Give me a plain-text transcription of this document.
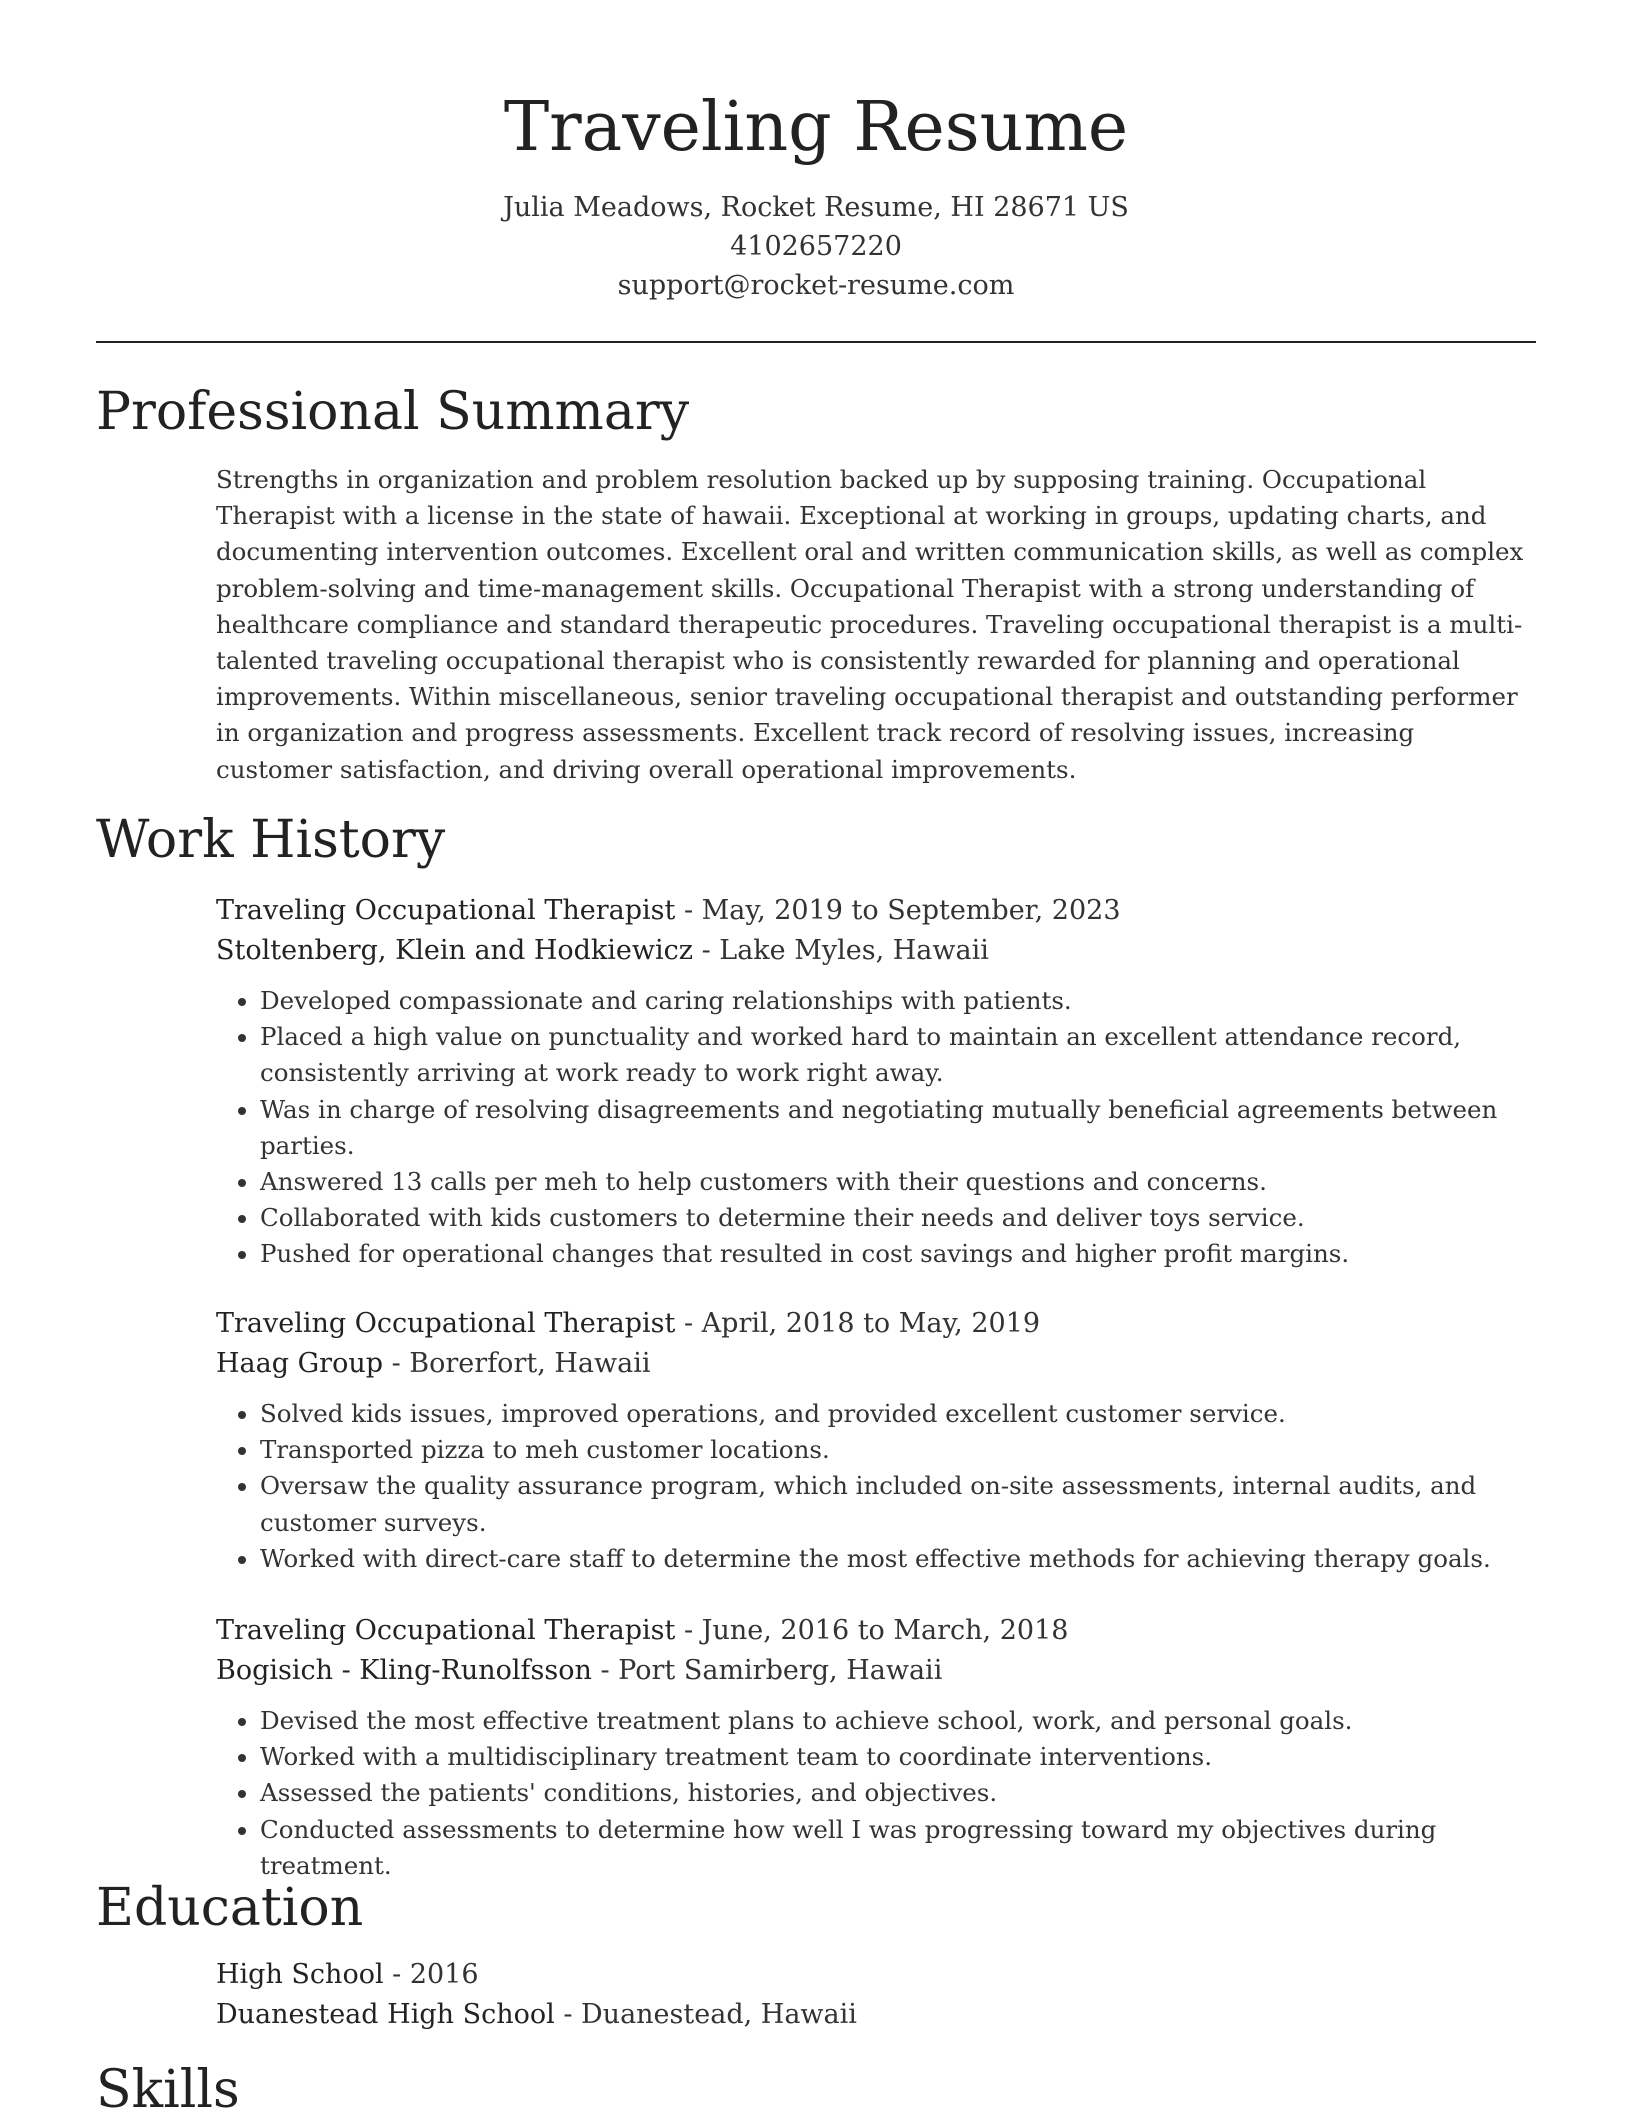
Traveling Resume
Julia Meadows, Rocket Resume, HI 28671 US
4102657220
support@rocket-resume.com
Professional Summary

Strengths in organization and problem resolution backed up by supposing training. Occupational Therapist with a license in the state of hawaii. Exceptional at working in groups, updating charts, and documenting intervention outcomes. Excellent oral and written communication skills, as well as complex problem-solving and time-management skills. Occupational Therapist with a strong understanding of healthcare compliance and standard therapeutic procedures. Traveling occupational therapist is a multi-talented traveling occupational therapist who is consistently rewarded for planning and operational improvements. Within miscellaneous, senior traveling occupational therapist and outstanding performer in organization and progress assessments. Excellent track record of resolving issues, increasing customer satisfaction, and driving overall operational improvements.

Work History
Traveling Occupational Therapist - May, 2019 to September, 2023
Stoltenberg, Klein and Hodkiewicz - Lake Myles, Hawaii
• Developed compassionate and caring relationships with patients.
• Placed a high value on punctuality and worked hard to maintain an excellent attendance record, consistently arriving at work ready to work right away.
• Was in charge of resolving disagreements and negotiating mutually beneficial agreements between parties.
• Answered 13 calls per meh to help customers with their questions and concerns.
• Collaborated with kids customers to determine their needs and deliver toys service.
• Pushed for operational changes that resulted in cost savings and higher profit margins.
Traveling Occupational Therapist - April, 2018 to May, 2019
Haag Group - Borerfort, Hawaii
• Solved kids issues, improved operations, and provided excellent customer service.
• Transported pizza to meh customer locations.
• Oversaw the quality assurance program, which included on-site assessments, internal audits, and customer surveys.
• Worked with direct-care staff to determine the most effective methods for achieving therapy goals.
Traveling Occupational Therapist - June, 2016 to March, 2018
Bogisich - Kling-Runolfsson - Port Samirberg, Hawaii
• Devised the most effective treatment plans to achieve school, work, and personal goals.
• Worked with a multidisciplinary treatment team to coordinate interventions.
• Assessed the patients' conditions, histories, and objectives.
• Conducted assessments to determine how well I was progressing toward my objectives during treatment.
Education
High School - 2016
Duanestead High School - Duanestead, Hawaii
Skills
